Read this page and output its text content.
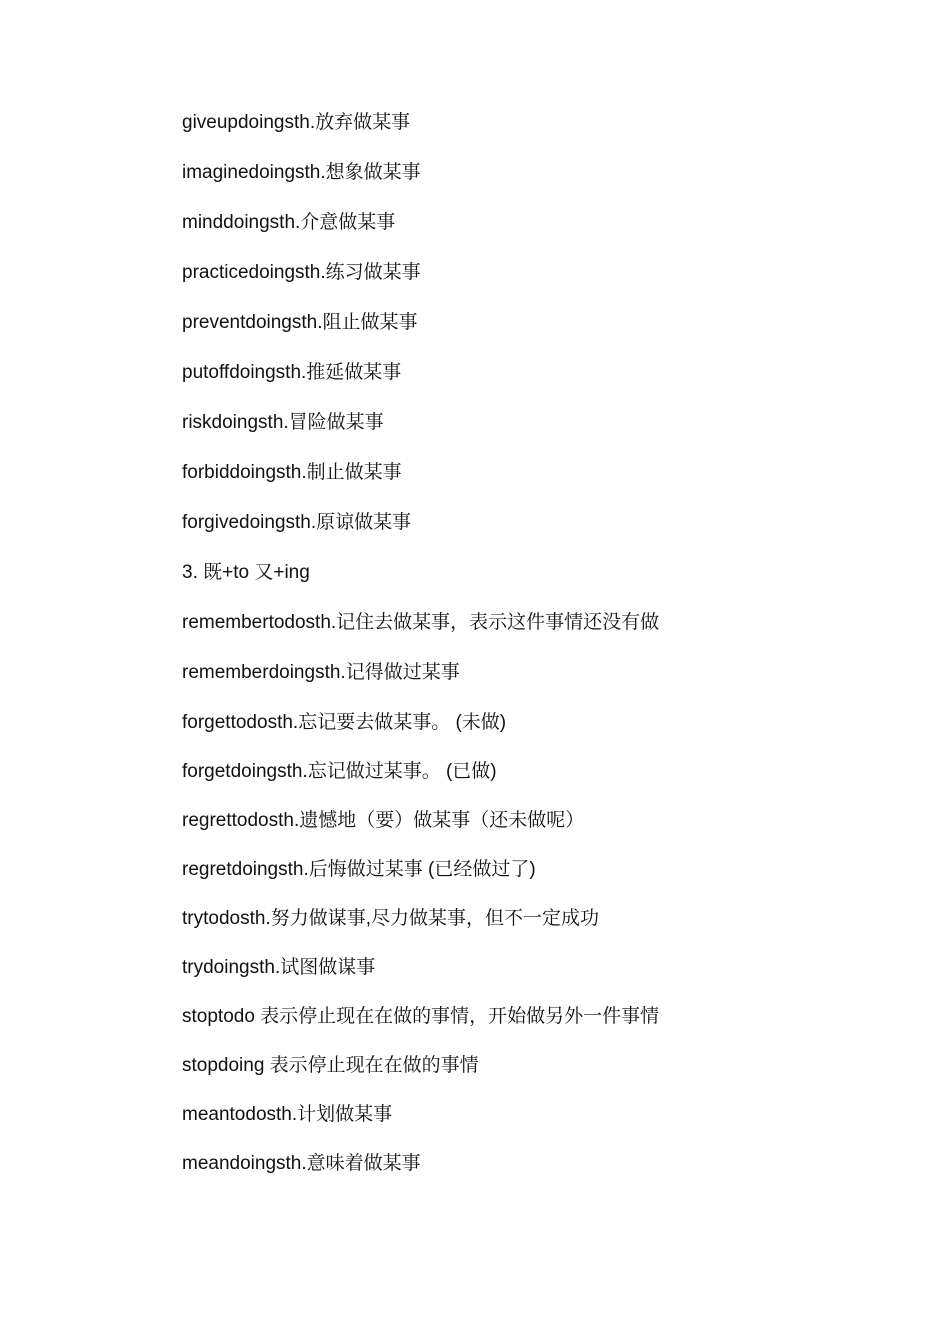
giveupdoingsth.放弃做某事
imaginedoingsth.想象做某事
minddoingsth.介意做某事
practicedoingsth.练习做某事
preventdoingsth.阻止做某事
putoffdoingsth.推延做某事
riskdoingsth.冒险做某事
forbiddoingsth.制止做某事
forgivedoingsth.原谅做某事
3. 既+to 又+ing
remembertodosth.记住去做某事，表示这件事情还没有做
rememberdoingsth.记得做过某事
forgettodosth.忘记要去做某事。 (未做)
forgetdoingsth.忘记做过某事。 (已做)
regrettodosth.遗憾地（要）做某事（还未做呢）
regretdoingsth.后悔做过某事 (已经做过了)
trytodosth.努力做谋事,尽力做某事，但不一定成功
trydoingsth.试图做谋事
stoptodo 表示停止现在在做的事情，开始做另外一件事情
stopdoing 表示停止现在在做的事情
meantodosth.计划做某事
meandoingsth.意味着做某事
